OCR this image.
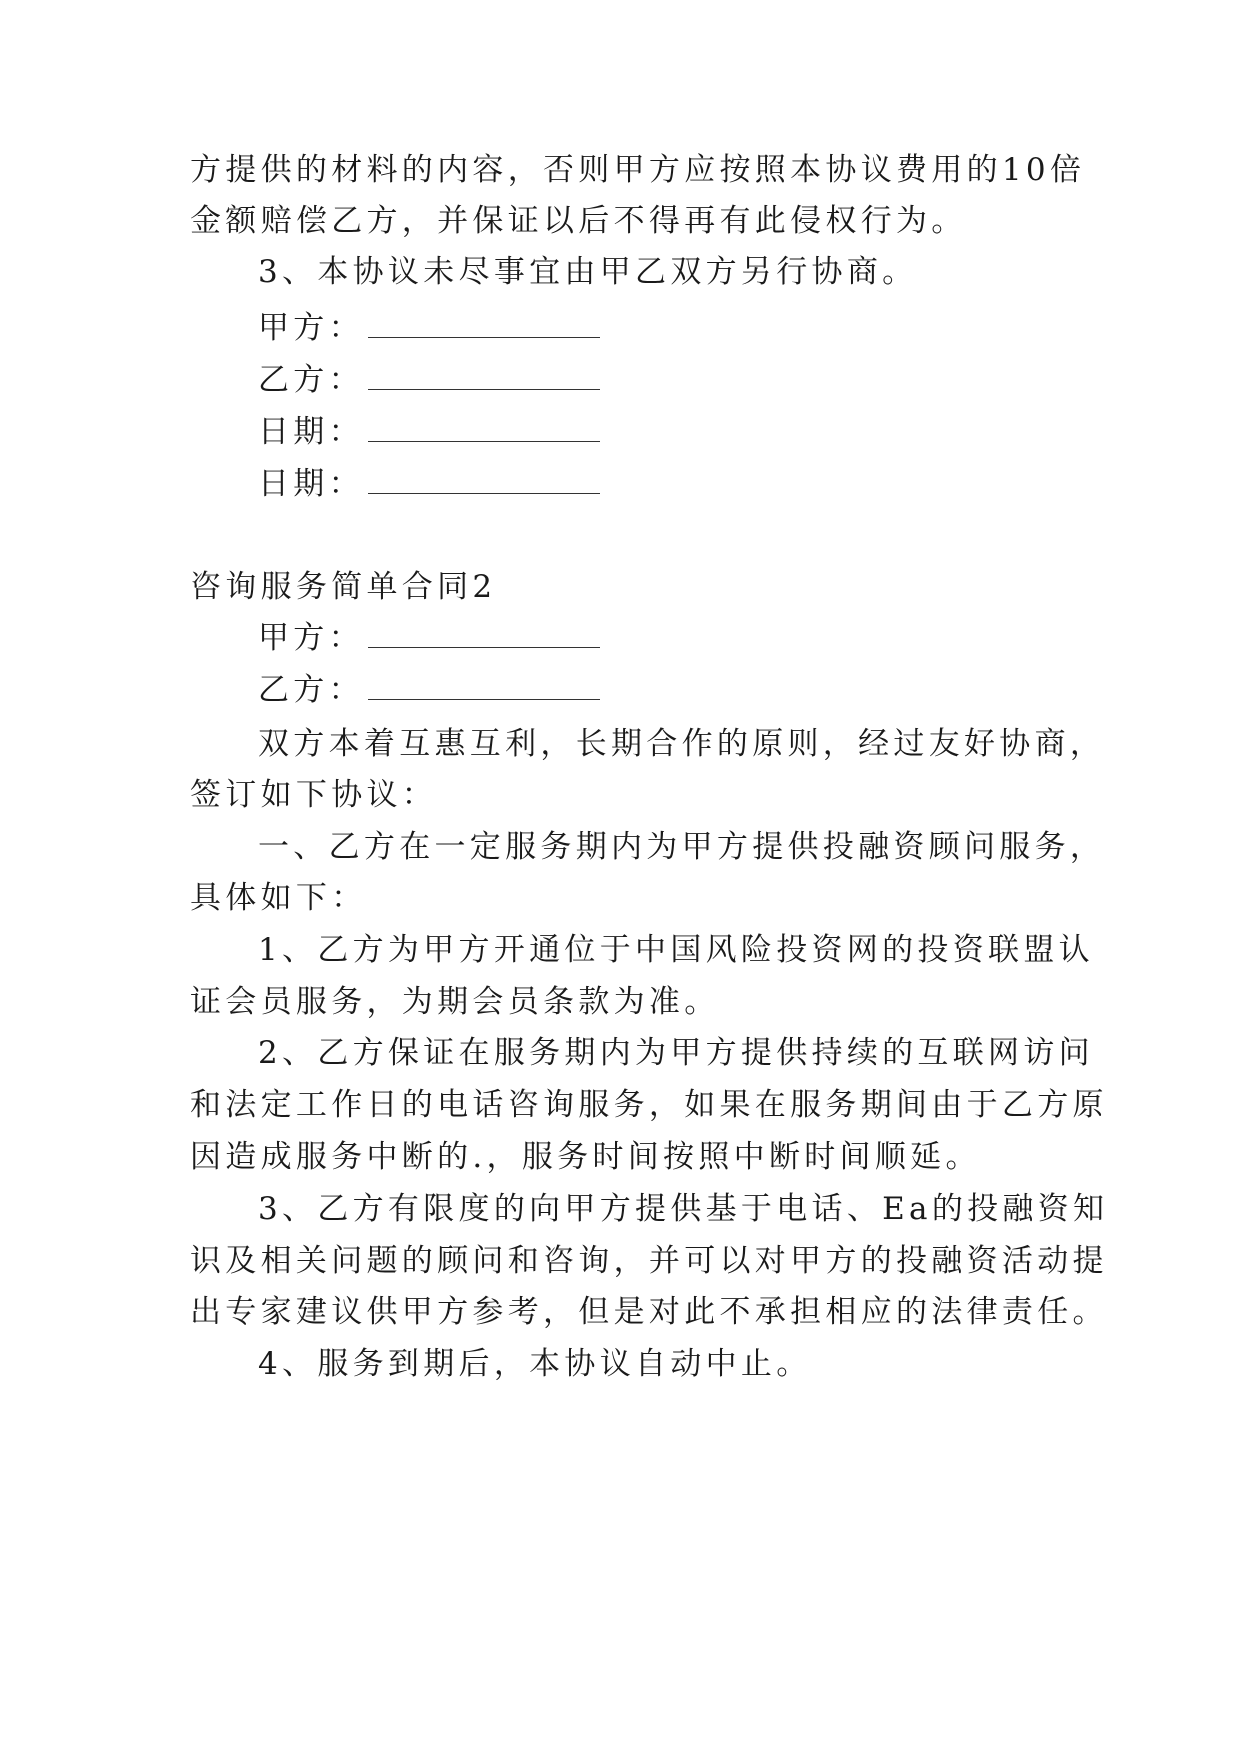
方提供的材料的内容，否则甲方应按照本协议费用的10倍
金额赔偿乙方，并保证以后不得再有此侵权行为。
3、本协议未尽事宜由甲乙双方另行协商。
甲方：
乙方：
日期：
日期：
咨询服务简单合同2
甲方：
乙方：
双方本着互惠互利，长期合作的原则，经过友好协商，
签订如下协议：
一、乙方在一定服务期内为甲方提供投融资顾问服务，
具体如下：
1、乙方为甲方开通位于中国风险投资网的投资联盟认
证会员服务，为期会员条款为准。
2、乙方保证在服务期内为甲方提供持续的互联网访问
和法定工作日的电话咨询服务，如果在服务期间由于乙方原
因造成服务中断的.，服务时间按照中断时间顺延。
3、乙方有限度的向甲方提供基于电话、Ea的投融资知
识及相关问题的顾问和咨询，并可以对甲方的投融资活动提
出专家建议供甲方参考，但是对此不承担相应的法律责任。
4、服务到期后，本协议自动中止。
